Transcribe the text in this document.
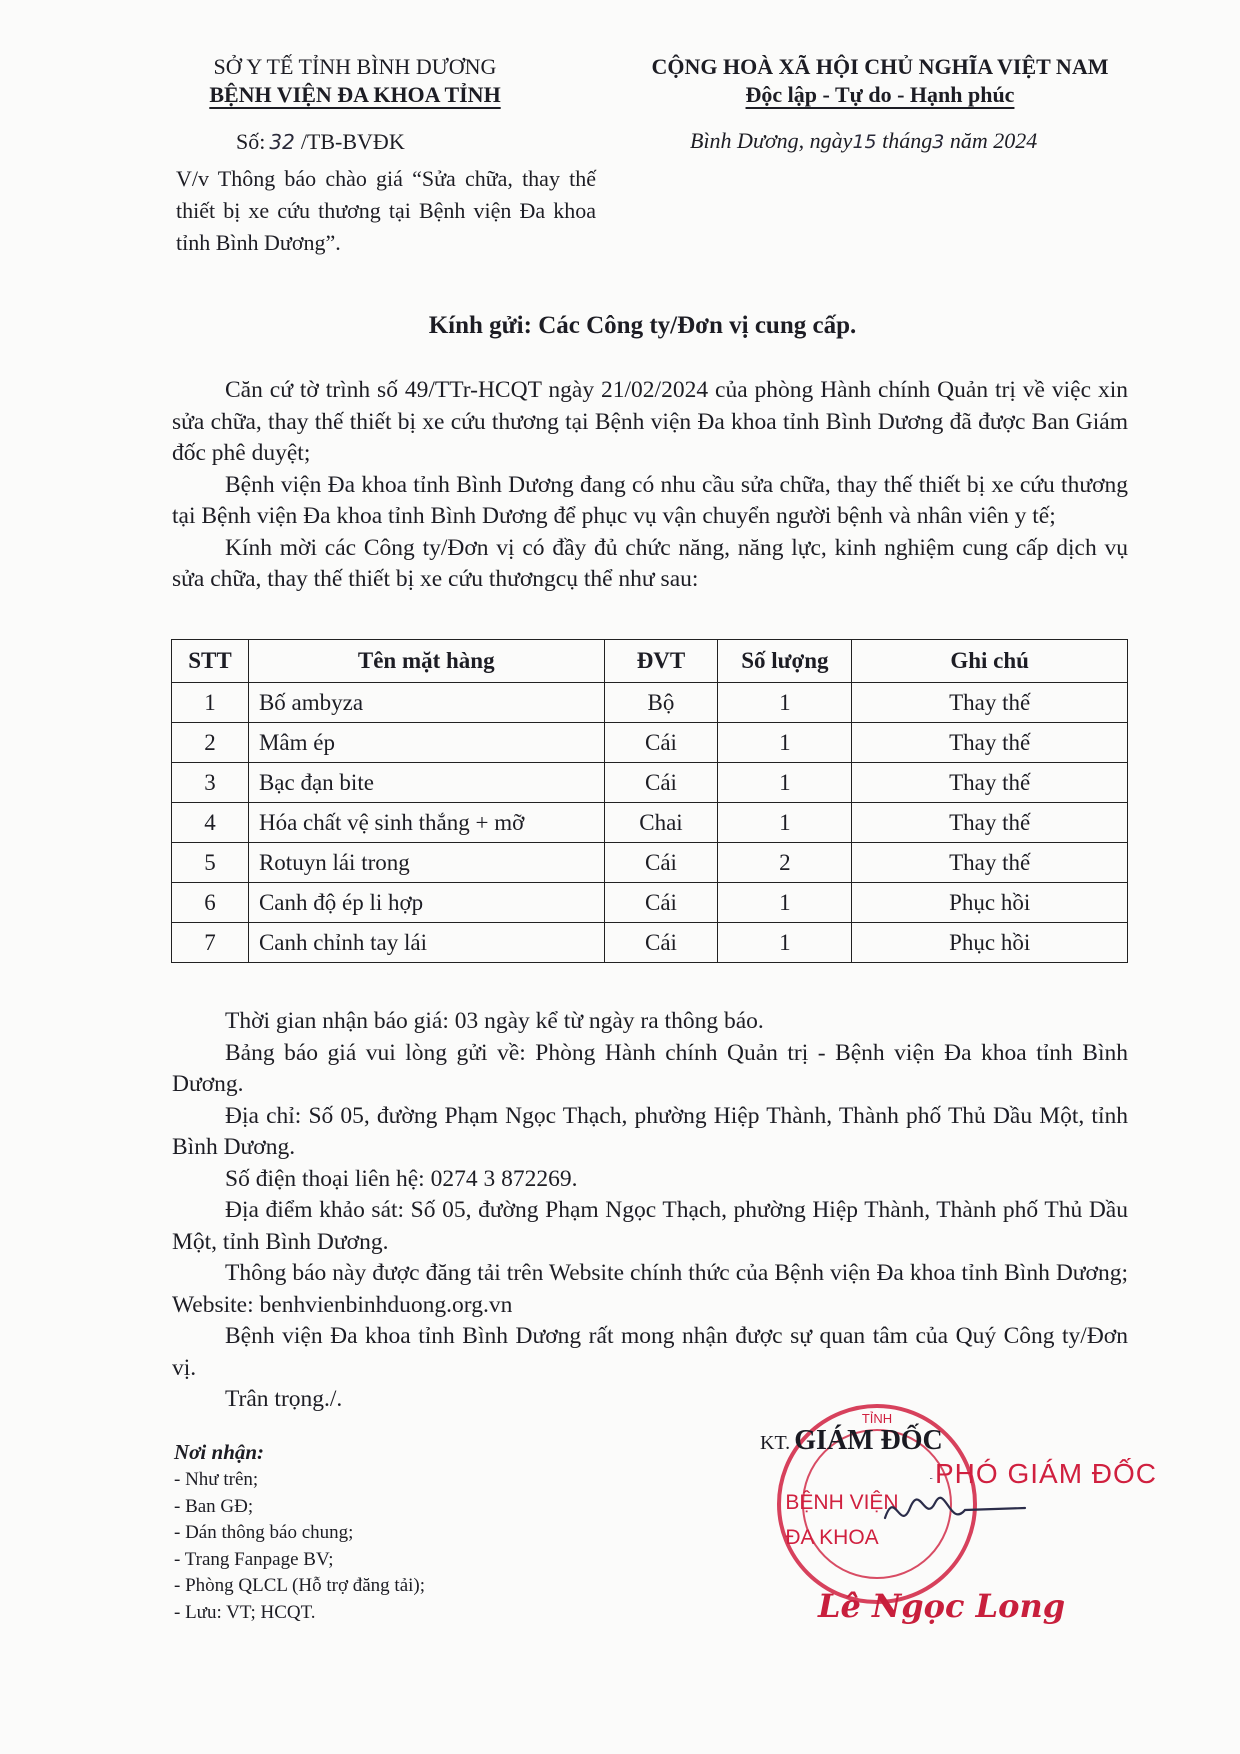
SỞ Y TẾ TỈNH BÌNH DƯƠNG
BỆNH VIỆN ĐA KHOA TỈNH
CỘNG HOÀ XÃ HỘI CHỦ NGHĨA VIỆT NAM
Độc lập - Tự do - Hạnh phúc
Số: 32 /TB-BVĐK	Bình Dương, ngày15 tháng3 năm 2024
V/v Thông báo chào giá “Sửa chữa, thay thế thiết bị xe cứu thương tại Bệnh viện Đa khoa tỉnh Bình Dương”.
Kính gửi: Các Công ty/Đơn vị cung cấp.

Căn cứ tờ trình số 49/TTr-HCQT ngày 21/02/2024 của phòng Hành chính Quản trị về việc xin sửa chữa, thay thế thiết bị xe cứu thương tại Bệnh viện Đa khoa tỉnh Bình Dương đã được Ban Giám đốc phê duyệt;

Bệnh viện Đa khoa tỉnh Bình Dương đang có nhu cầu sửa chữa, thay thế thiết bị xe cứu thương tại Bệnh viện Đa khoa tỉnh Bình Dương để phục vụ vận chuyển người bệnh và nhân viên y tế;

Kính mời các Công ty/Đơn vị có đầy đủ chức năng, năng lực, kinh nghiệm cung cấp dịch vụ sửa chữa, thay thế thiết bị xe cứu thươngcụ thể như sau:

STT	Tên mặt hàng	ĐVT	Số lượng	Ghi chú
1	Bố ambyza	Bộ	1	Thay thế
2	Mâm ép	Cái	1	Thay thế
3	Bạc đạn bite	Cái	1	Thay thế
4	Hóa chất vệ sinh thắng + mỡ	Chai	1	Thay thế
5	Rotuyn lái trong	Cái	2	Thay thế
6	Canh độ ép li hợp	Cái	1	Phục hồi
7	Canh chỉnh tay lái	Cái	1	Phục hồi

Thời gian nhận báo giá: 03 ngày kể từ ngày ra thông báo.

Bảng báo giá vui lòng gửi về: Phòng Hành chính Quản trị - Bệnh viện Đa khoa tỉnh Bình Dương.

Địa chỉ: Số 05, đường Phạm Ngọc Thạch, phường Hiệp Thành, Thành phố Thủ Dầu Một, tỉnh Bình Dương.

Số điện thoại liên hệ: 0274 3 872269.

Địa điểm khảo sát: Số 05, đường Phạm Ngọc Thạch, phường Hiệp Thành, Thành phố Thủ Dầu Một, tỉnh Bình Dương.

Thông báo này được đăng tải trên Website chính thức của Bệnh viện Đa khoa tỉnh Bình Dương; Website: benhvienbinhduong.org.vn

Bệnh viện Đa khoa tỉnh Bình Dương rất mong nhận được sự quan tâm của Quý Công ty/Đơn vị.

Trân trọng./.

Nơi nhận:
- Như trên;
- Ban GĐ;
- Dán thông báo chung;
- Trang Fanpage BV;
- Phòng QLCL (Hỗ trợ đăng tải);
- Lưu: VT; HCQT.
TỈNH
BỆNH VIỆN
ĐA KHOA
KT. GIÁM ĐỐC
PHÓ GIÁM ĐỐC
Lê Ngọc Long
